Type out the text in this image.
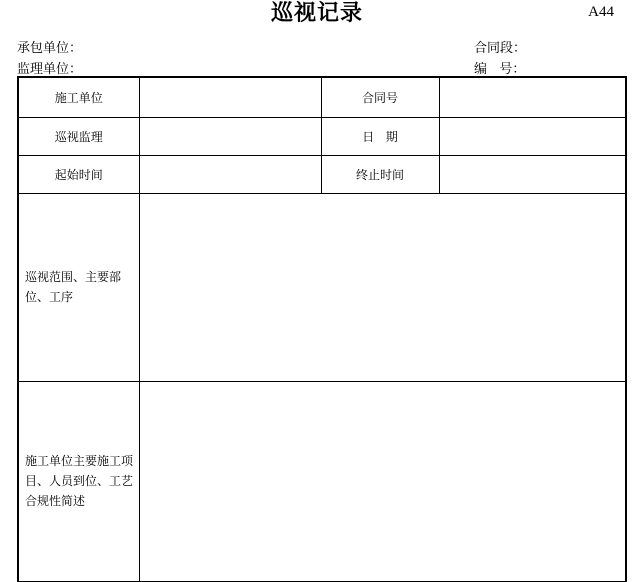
巡视记录	A44
承包单位：
监理单位：
合同段：
编   号：
施工单位		合同号	
巡视监理		日   期	
起始时间		终止时间	
巡视范围、主要部位、工序			
施工单位主要施工项目、人员到位、工艺合规性简述			
